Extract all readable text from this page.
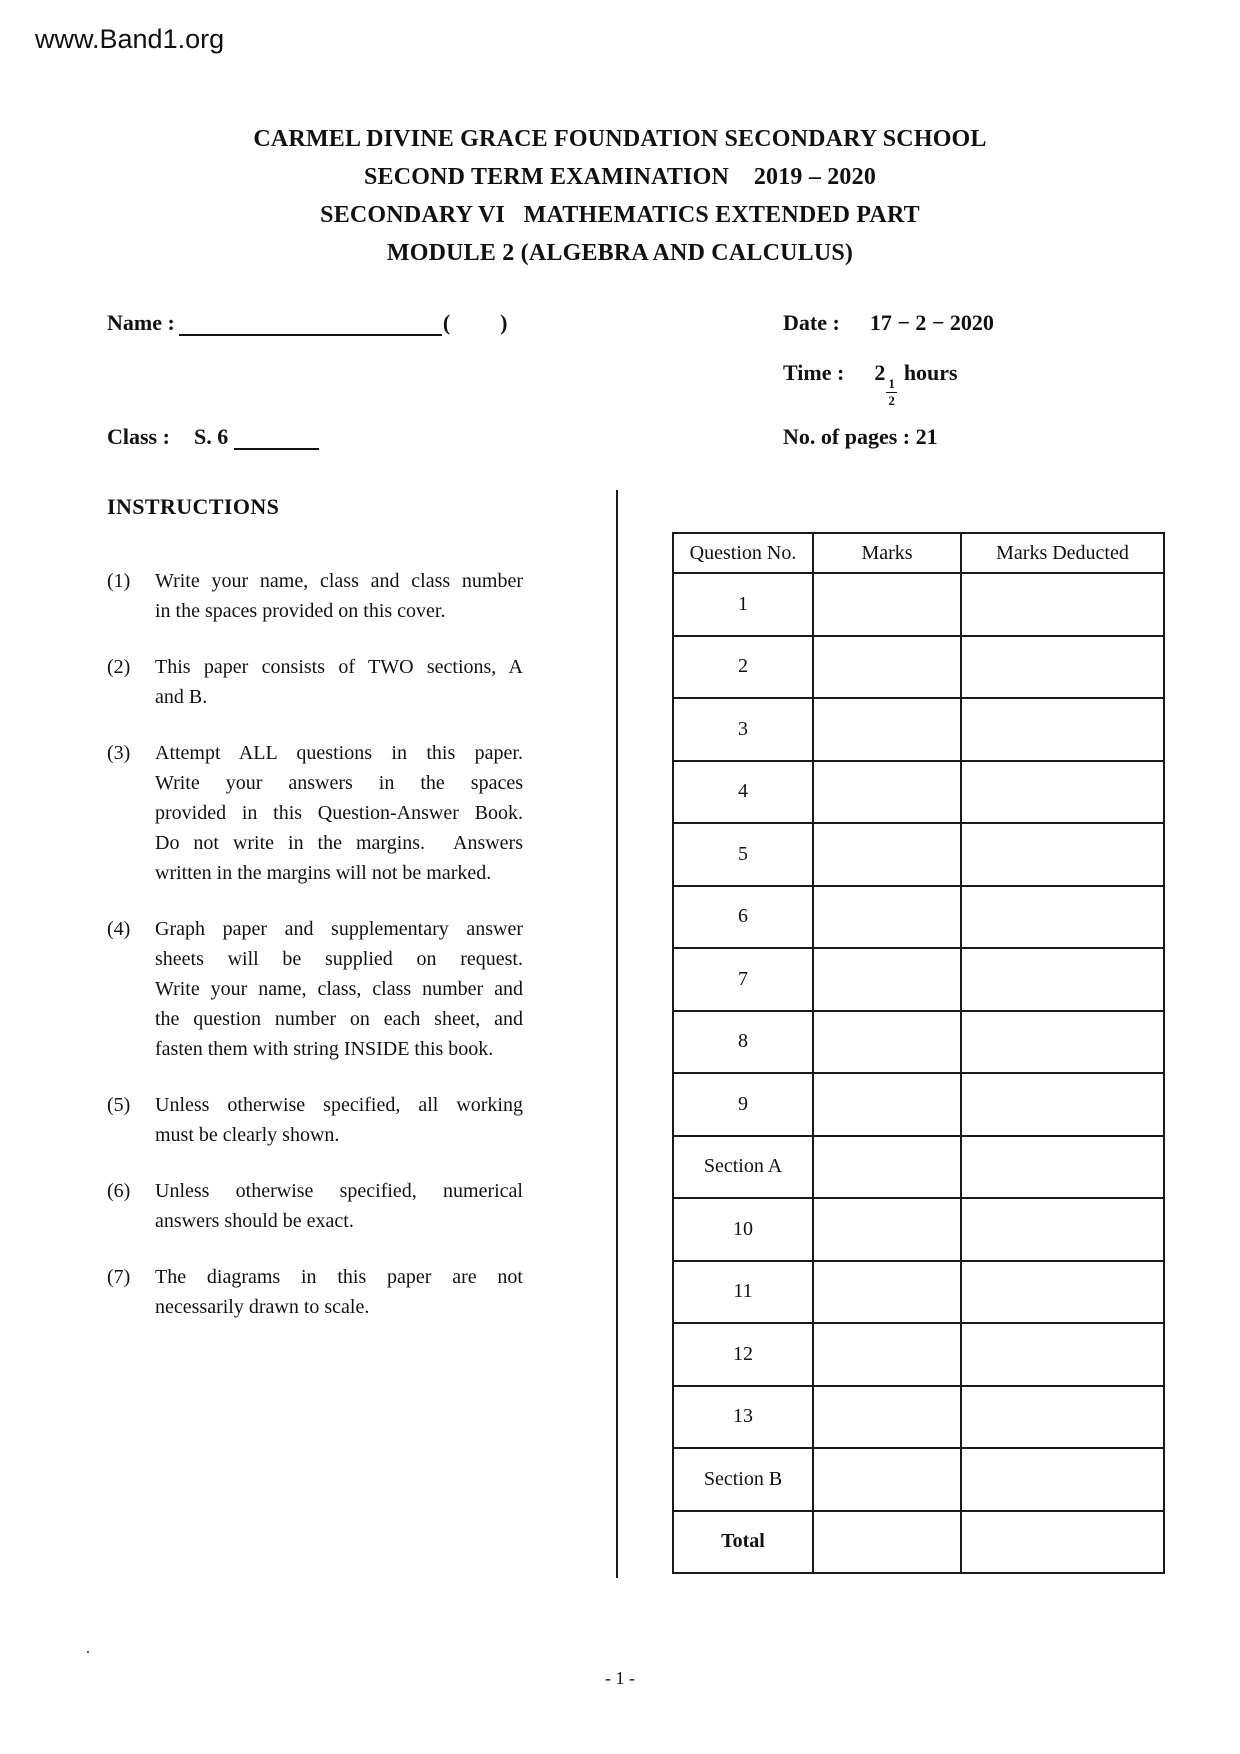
www.Band1.org
CARMEL DIVINE GRACE FOUNDATION SECONDARY SCHOOL
SECOND TERM EXAMINATION    2019 – 2020
SECONDARY VI   MATHEMATICS EXTENDED PART
MODULE 2 (ALGEBRA AND CALCULUS)
Name :	( )	Date : 17 − 2 − 2020
Time : 2
$\frac{1}{2}$
hours
Class : S. 6	No. of pages : 21
INSTRUCTIONS
(1)	Write your name, class and class number
in the spaces provided on this cover.
(2)	This paper consists of TWO sections, A
and B.
(3)	Attempt ALL questions in this paper.
Write your answers in the spaces
provided in this Question-Answer Book.
Do not write in the margins.  Answers
written in the margins will not be marked.
(4)	Graph paper and supplementary answer
sheets will be supplied on request.
Write your name, class, class number and
the question number on each sheet, and
fasten them with string INSIDE this book.
(5)	Unless otherwise specified, all working
must be clearly shown.
(6)	Unless otherwise specified, numerical
answers should be exact.
(7)	The diagrams in this paper are not
necessarily drawn to scale.
Question No.	Marks	Marks Deducted
1		
2		
3		
4		
5		
6		
7		
8		
9		
Section A		
10		
11		
12		
13		
Section B		
Total		
- 1 -
.
